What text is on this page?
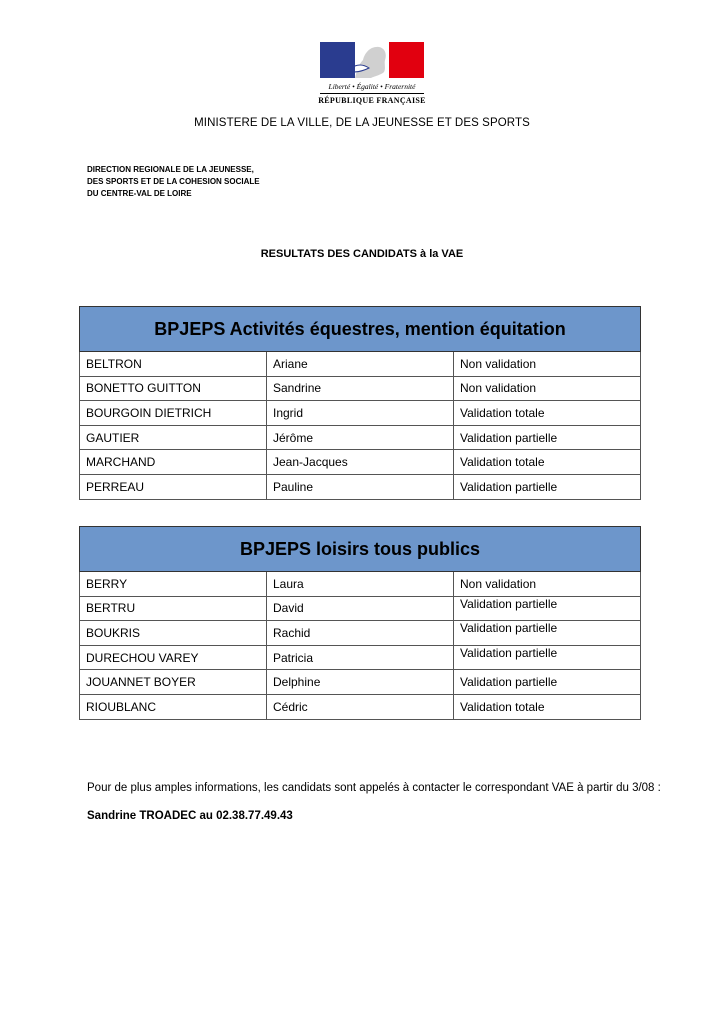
Liberté • Égalité • Fraternité
RÉPUBLIQUE FRANÇAISE
MINISTERE DE LA VILLE, DE LA JEUNESSE ET DES SPORTS
DIRECTION REGIONALE DE LA JEUNESSE,
DES SPORTS ET DE LA COHESION SOCIALE
DU CENTRE-VAL DE LOIRE
RESULTATS DES CANDIDATS à la VAE
BPJEPS Activités équestres, mention équitation		
BELTRON	Ariane	Non validation
BONETTO GUITTON	Sandrine	Non validation
BOURGOIN DIETRICH	Ingrid	Validation totale
GAUTIER	Jérôme	Validation partielle
MARCHAND	Jean-Jacques	Validation totale
PERREAU	Pauline	Validation partielle
BPJEPS loisirs tous publics		
BERRY	Laura	Non validation
BERTRU	David	Validation partielle
BOUKRIS	Rachid	Validation partielle
DURECHOU VAREY	Patricia	Validation partielle
JOUANNET BOYER	Delphine	Validation partielle
RIOUBLANC	Cédric	Validation totale
Pour de plus amples informations, les candidats sont appelés à contacter le correspondant VAE à partir du 3/08 :
Sandrine TROADEC au 02.38.77.49.43
